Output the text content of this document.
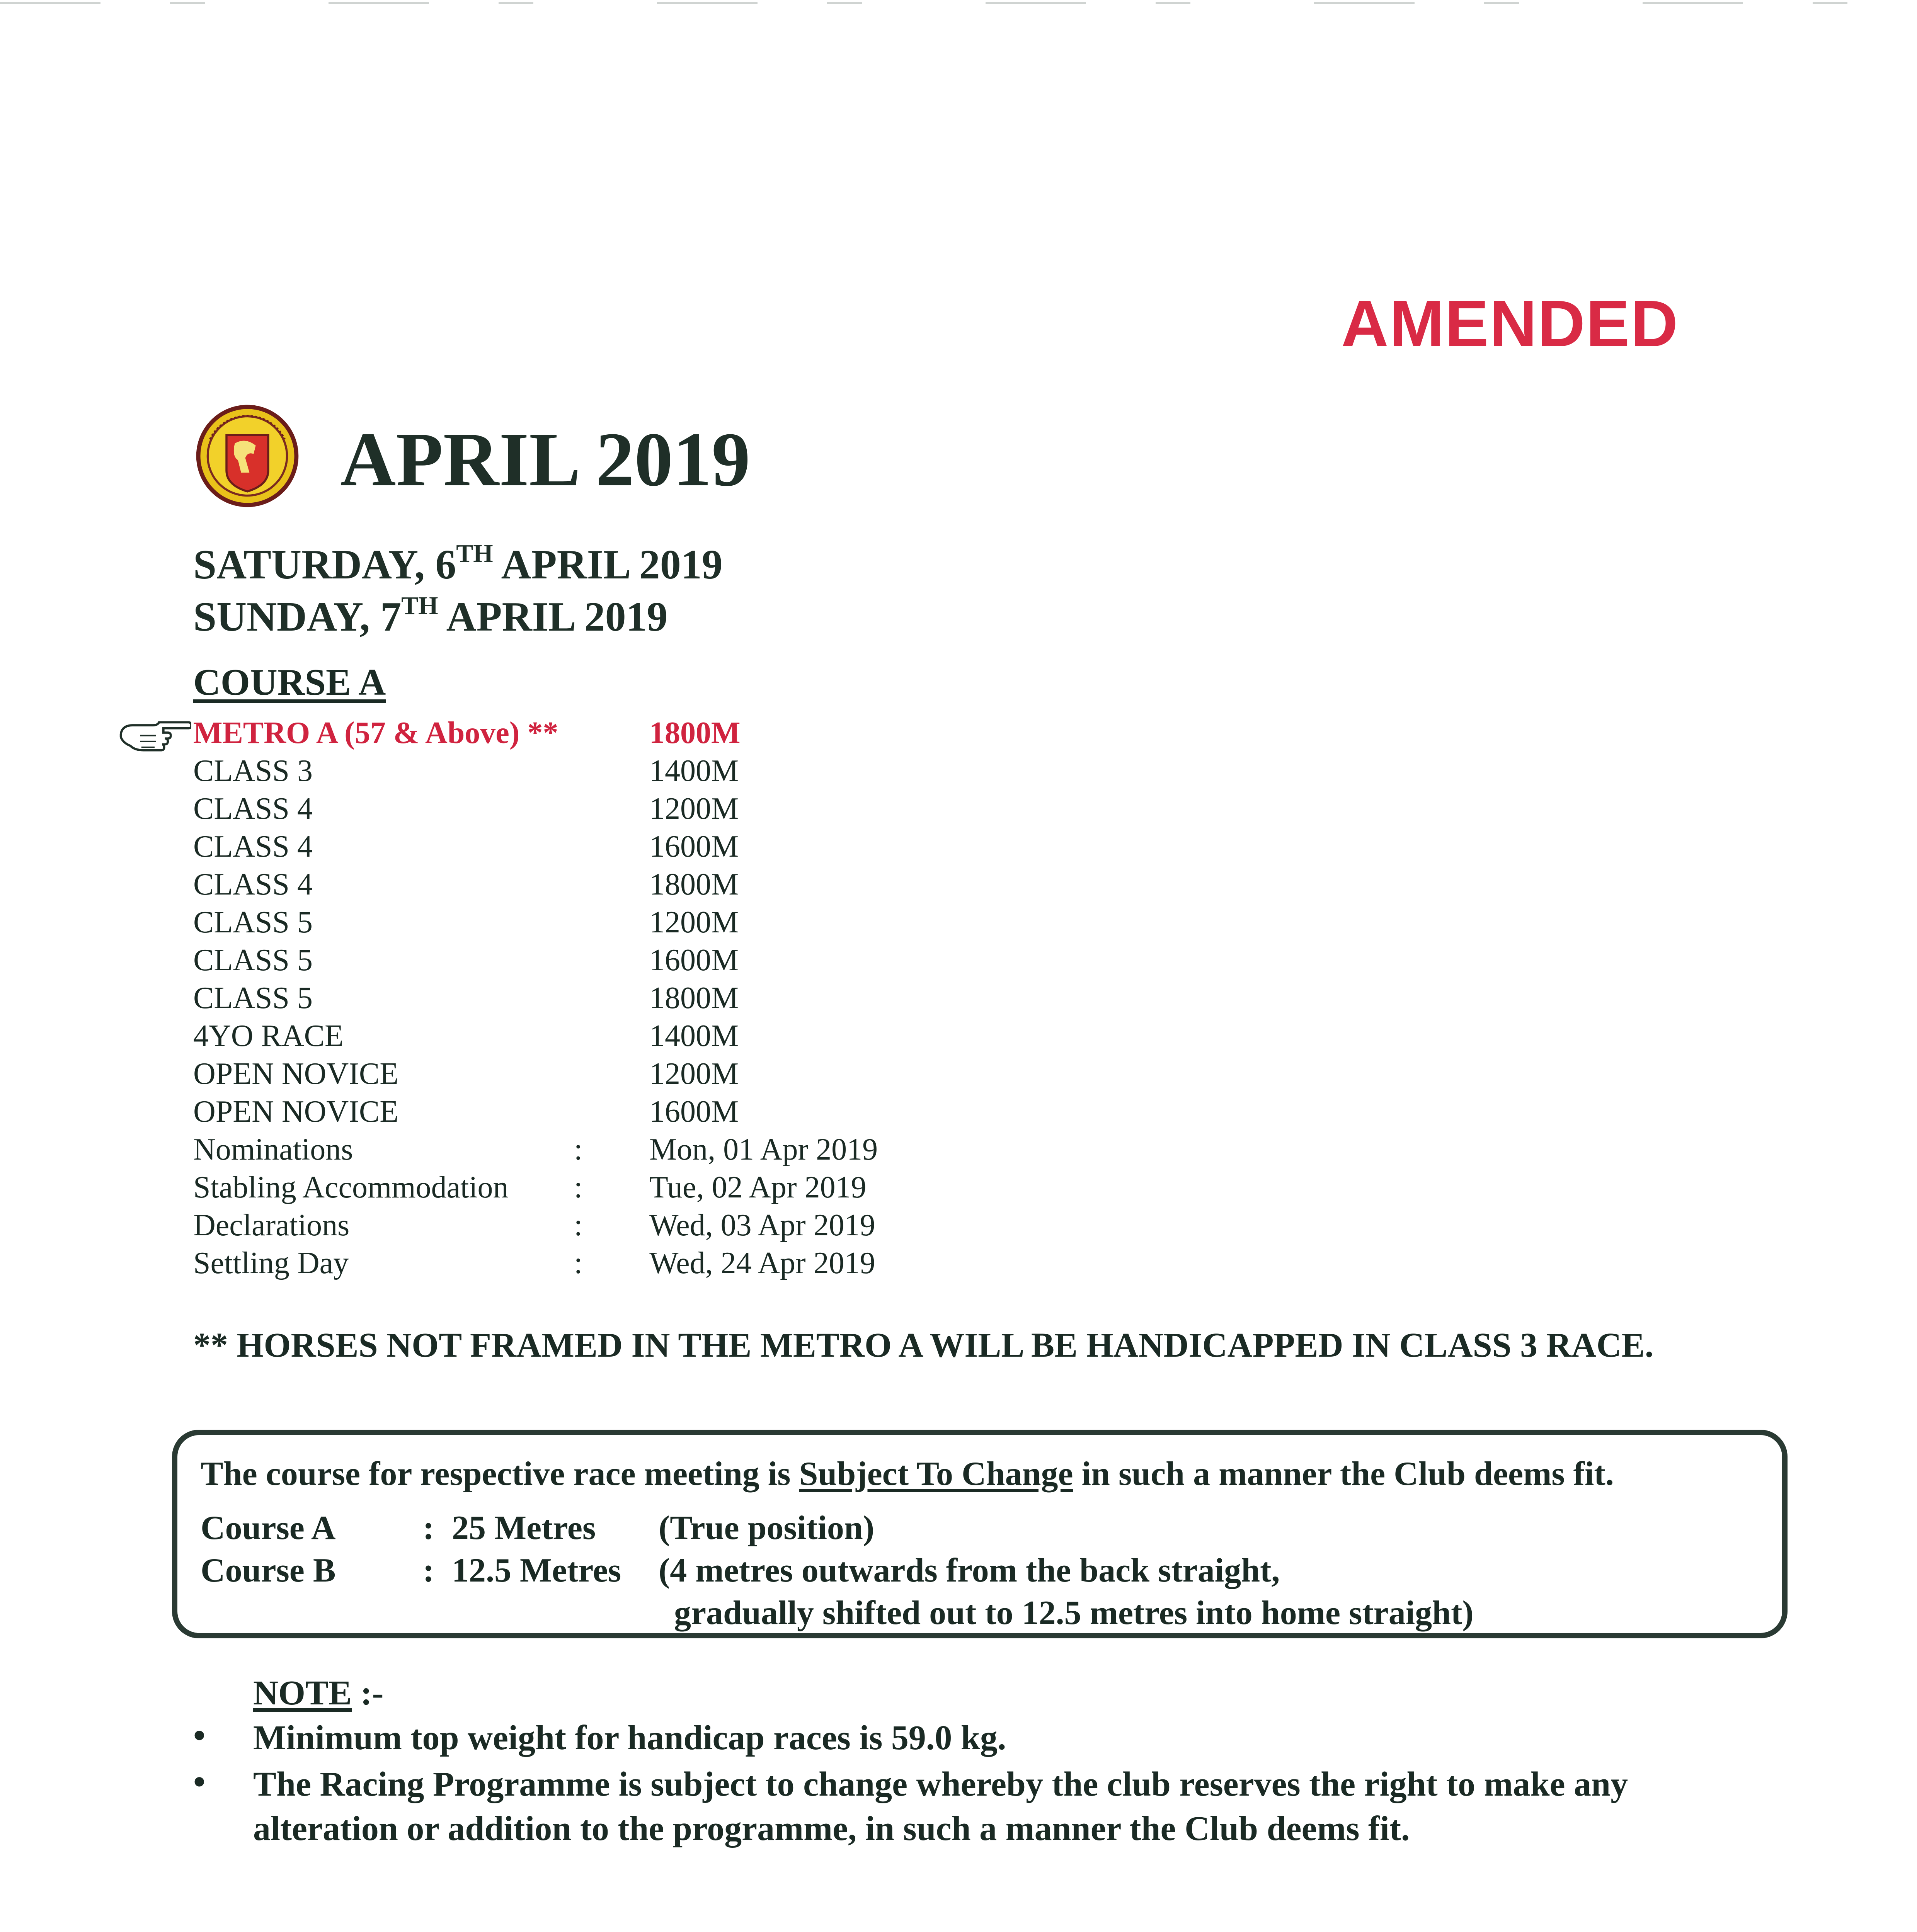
AMENDED
APRIL 2019
SATURDAY, 6TH APRIL 2019
SUNDAY, 7TH APRIL 2019
COURSE A
METRO A (57 & Above) **	1800M
CLASS 3	1400M
CLASS 4	1200M
CLASS 4	1600M
CLASS 4	1800M
CLASS 5	1200M
CLASS 5	1600M
CLASS 5	1800M
4YO RACE	1400M
OPEN NOVICE	1200M
OPEN NOVICE	1600M
Nominations	: Mon, 01 Apr 2019
Stabling Accommodation : Tue, 02 Apr 2019
Declarations	: Wed, 03 Apr 2019
Settling Day	: Wed, 24 Apr 2019
** HORSES NOT FRAMED IN THE METRO A WILL BE HANDICAPPED IN CLASS 3 RACE.
The course for respective race meeting is Subject To Change in such a manner the Club deems fit.
Course A	: 25 Metres (True position)
Course B	: 12.5 Metres (4 metres outwards from the back straight,
gradually shifted out to 12.5 metres into home straight)
NOTE :-
• Minimum top weight for handicap races is 59.0 kg.
• The Racing Programme is subject to change whereby the club reserves the right to make any alteration or addition to the programme, in such a manner the Club deems fit.
